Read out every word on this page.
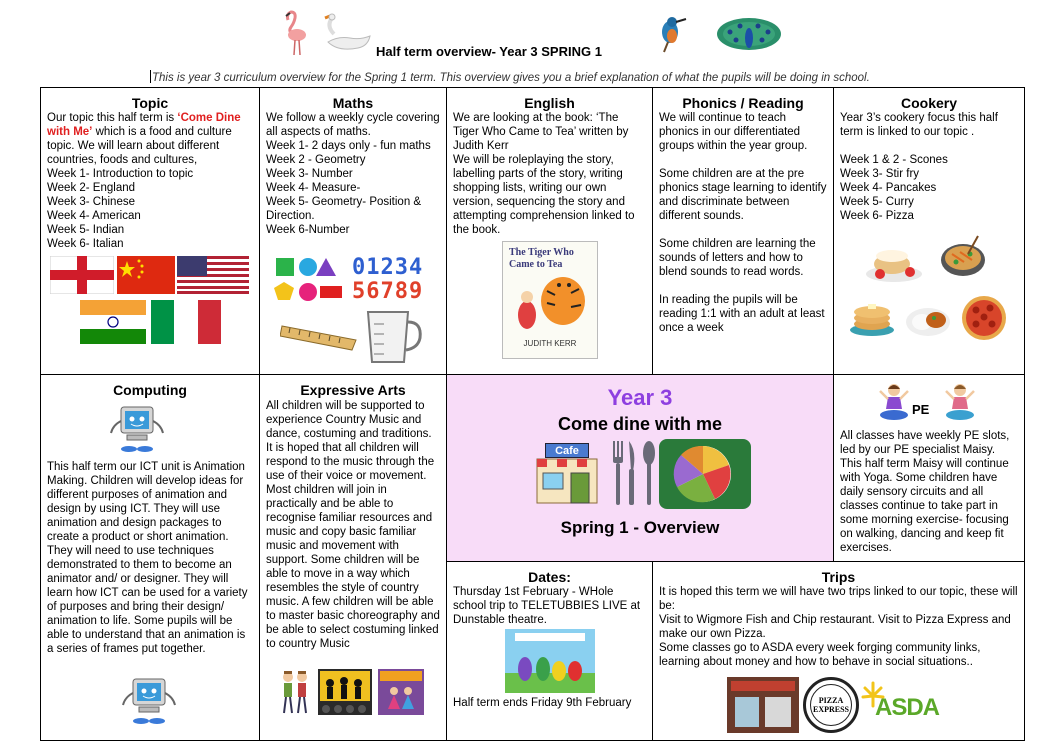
Half term overview- Year 3 SPRING 1
This is year 3 curriculum overview for the Spring 1 term. This overview gives you a brief explanation of what the pupils will be doing in school.
Topic

Our topic this half term is ‘Come Dine with Me’ which is a food and culture topic. We will learn about different countries, foods and cultures,

Week 1- Introduction to topic

Week 2- England

Week 3- Chinese

Week 4- American

Week 5- Indian

Week 6- Italian

Maths

We follow a weekly cycle covering all aspects of maths.

Week 1- 2 days only - fun maths

Week 2 - Geometry

Week 3- Number

Week 4- Measure-

Week 5- Geometry- Position & Direction.

Week 6-Number

01234
56789
English

We are looking at the book: ‘The Tiger Who Came to Tea’ written by Judith Kerr

We will be roleplaying the story, labelling parts of the story, writing shopping lists, writing our own version, sequencing the story and attempting comprehension linked to the book.

The Tiger Who Came to Tea
JUDITH KERR
Phonics / Reading

We will continue to teach phonics in our differentiated groups within the year group.

Some children are at the pre phonics stage learning to identify and discriminate between different sounds.

Some children are learning the sounds of letters and how to blend sounds to read words.

In reading the pupils will be reading 1:1 with an adult at least once a week

Cookery

Year 3’s cookery focus this half term is linked to our topic .

Week 1 & 2 - Scones

Week 3- Stir fry

Week 4- Pancakes

Week 5- Curry

Week 6- Pizza

Computing

This half term our ICT unit is Animation Making. Children will develop ideas for different purposes of animation and design by using ICT. They will use animation and design packages to create a product or short animation. They will need to use techniques demonstrated to them to become an animator and/ or designer. They will learn how ICT can be used for a variety of purposes and bring their design/ animation to life. Some pupils will be able to understand that an animation is a series of frames put together.

Expressive Arts

All children will be supported to experience Country Music and dance, costuming and traditions. It is hoped that all children will respond to the music through the use of their voice or movement. Most children will join in practically and be able to recognise familiar resources and music and copy basic familiar music and movement with support. Some children will be able to move in a way which resembles the style of country music. A few children will be able to master basic choreography and be able to select costuming linked to country Music

Year 3
Come dine with me
Cafe
Spring 1 - Overview
PE

All classes have weekly PE slots, led by our PE specialist Maisy. This half term Maisy will continue with Yoga. Some children have daily sensory circuits and all classes continue to take part in some morning exercise- focusing on walking, dancing and keep fit exercises.

Dates:

Thursday 1st February - WHole school trip to TELETUBBIES LIVE at Dunstable theatre.

Half term ends Friday 9th February

Trips

It is hoped this term we will have two trips linked to our topic, these will be:

Visit to Wigmore Fish and Chip restaurant. Visit to Pizza Express and make our own Pizza.

Some classes go to ASDA every week forging community links, learning about money and how to behave in social situations..

PIZZA EXPRESS ASDA
